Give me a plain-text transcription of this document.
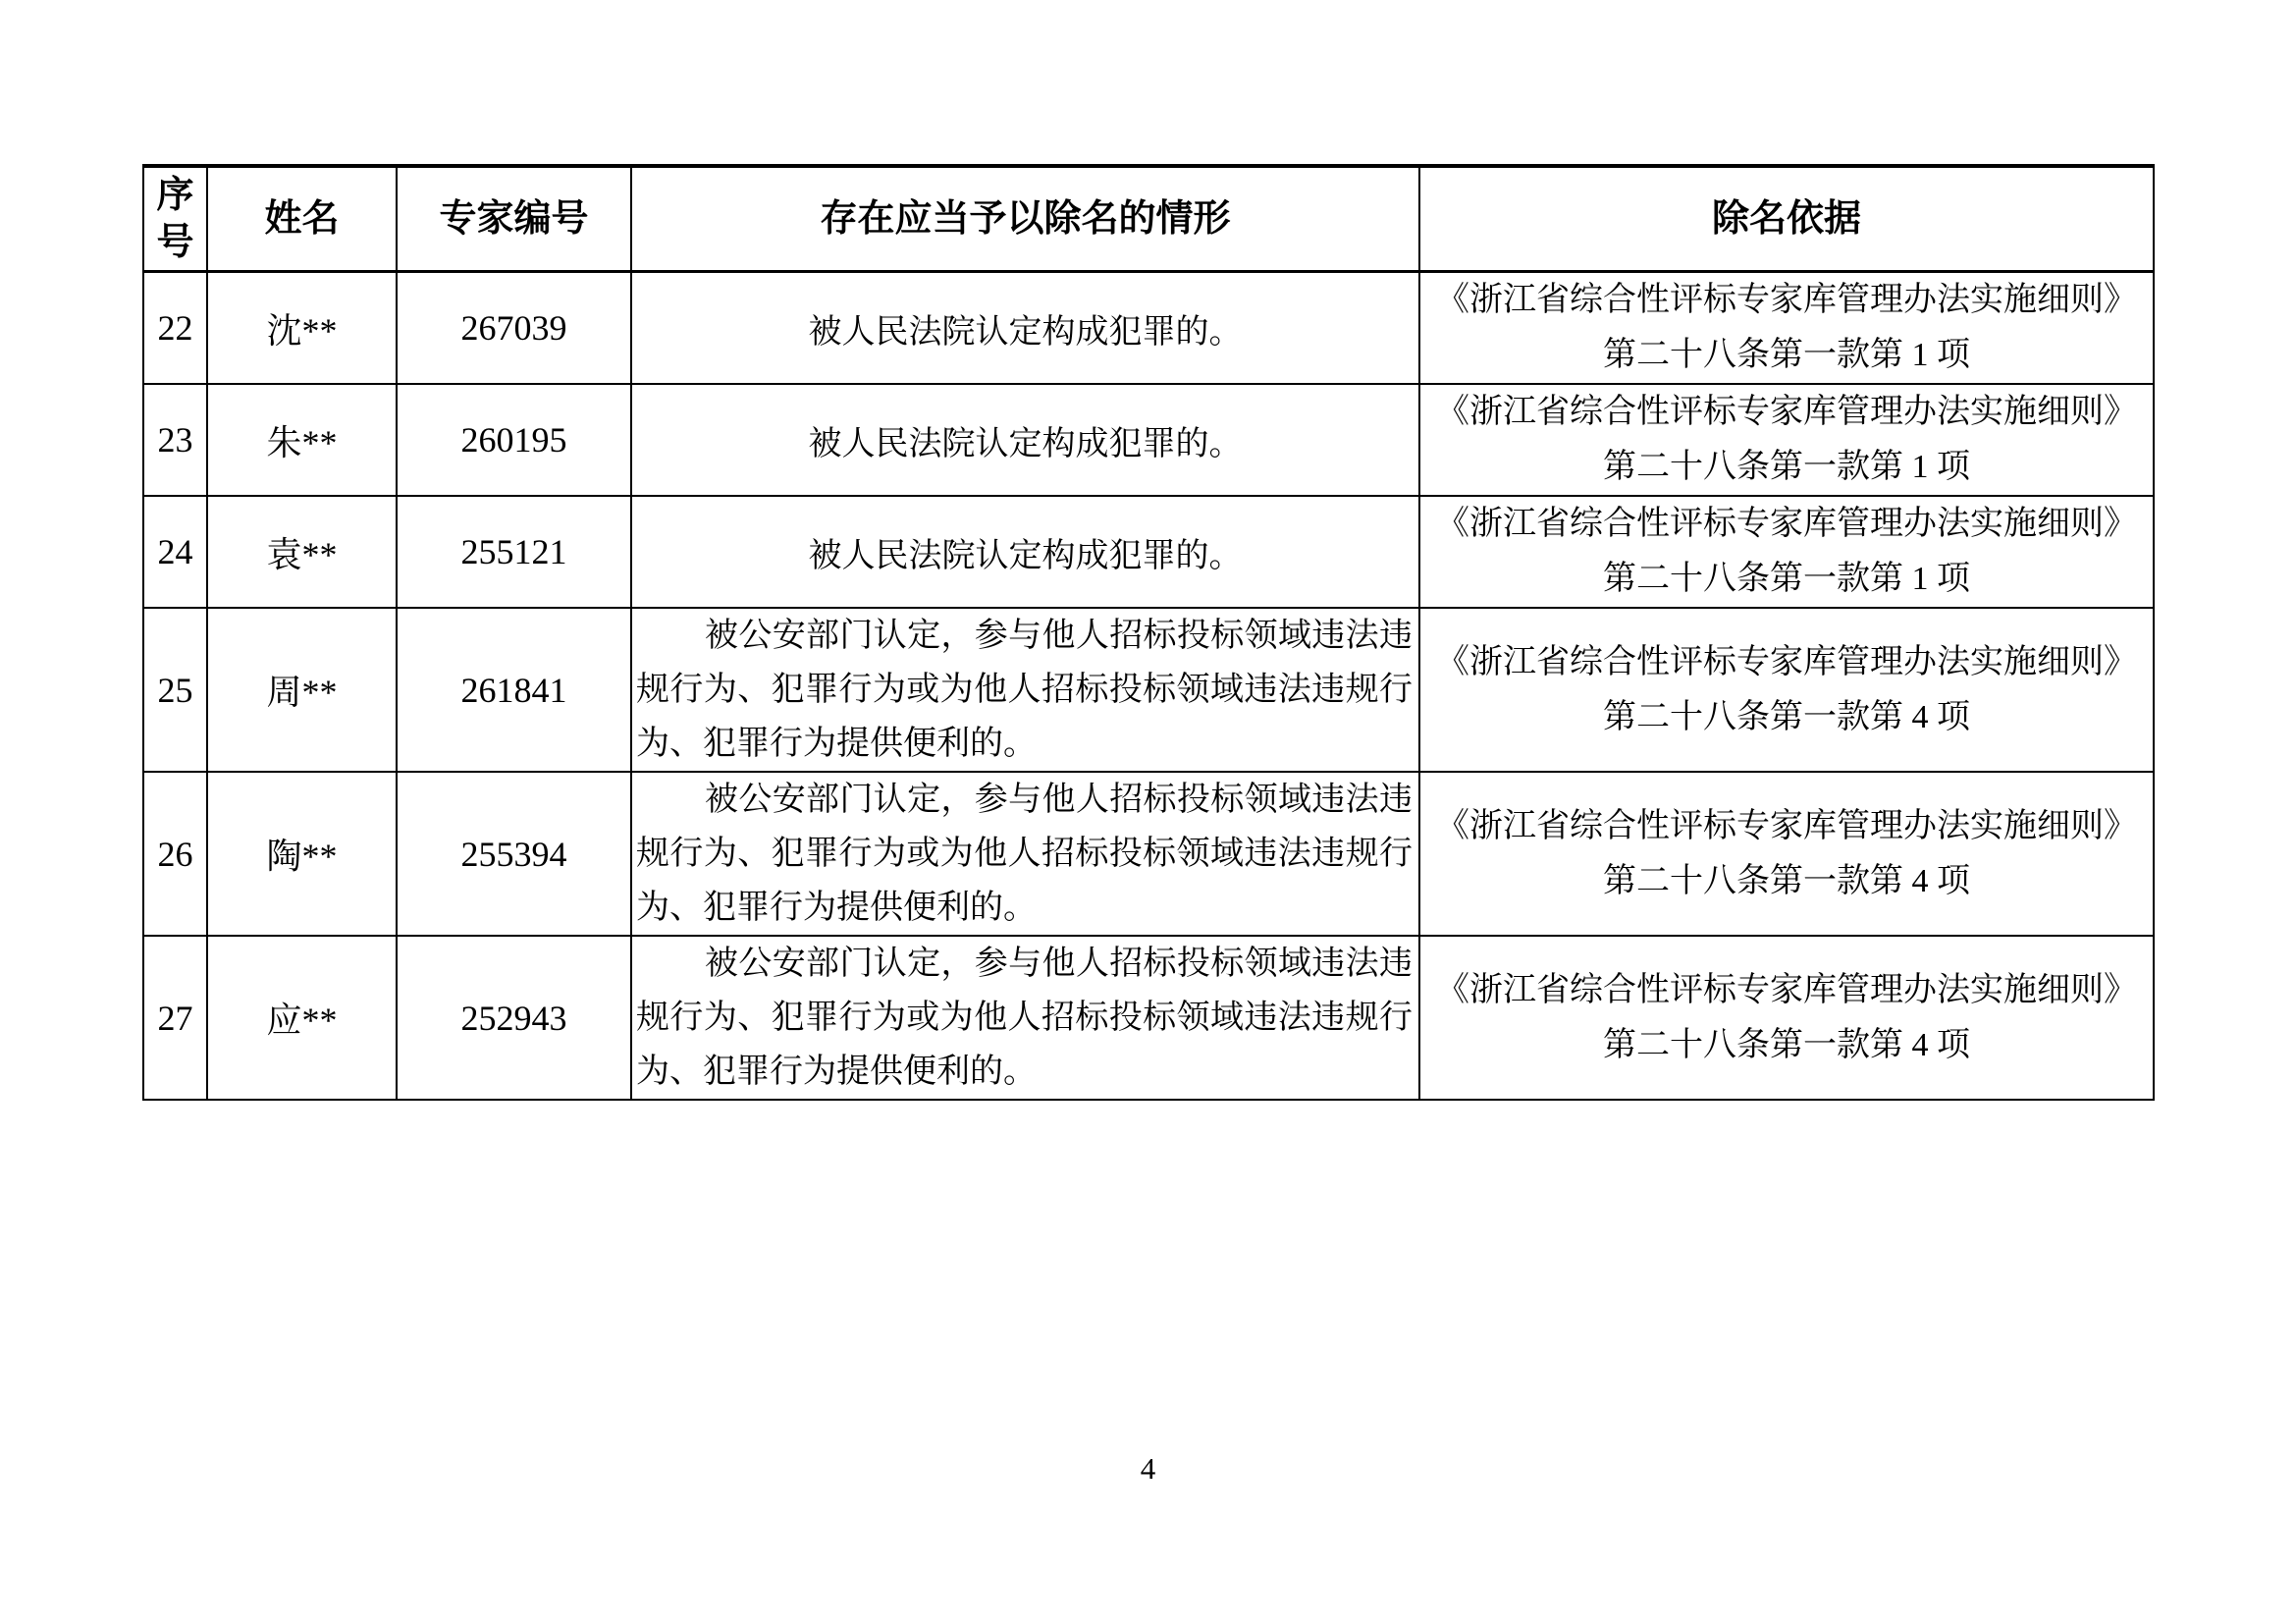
序号	姓名	专家编号	存在应当予以除名的情形	除名依据
22	沈**	267039	被人民法院认定构成犯罪的。	《浙江省综合性评标专家库管理办法实施细则》
第二十八条第一款第 1 项

23	朱**	260195	被人民法院认定构成犯罪的。	《浙江省综合性评标专家库管理办法实施细则》
第二十八条第一款第 1 项

24	袁**	255121	被人民法院认定构成犯罪的。	《浙江省综合性评标专家库管理办法实施细则》
第二十八条第一款第 1 项

25	周**	261841	被公安部门认定，参与他人招标投标领域违法违规行为、犯罪行为或为他人招标投标领域违法违规行为、犯罪行为提供便利的。	《浙江省综合性评标专家库管理办法实施细则》
第二十八条第一款第 4 项

26	陶**	255394	被公安部门认定，参与他人招标投标领域违法违规行为、犯罪行为或为他人招标投标领域违法违规行为、犯罪行为提供便利的。	《浙江省综合性评标专家库管理办法实施细则》
第二十八条第一款第 4 项

27	应**	252943	被公安部门认定，参与他人招标投标领域违法违规行为、犯罪行为或为他人招标投标领域违法违规行为、犯罪行为提供便利的。	《浙江省综合性评标专家库管理办法实施细则》
第二十八条第一款第 4 项
4
